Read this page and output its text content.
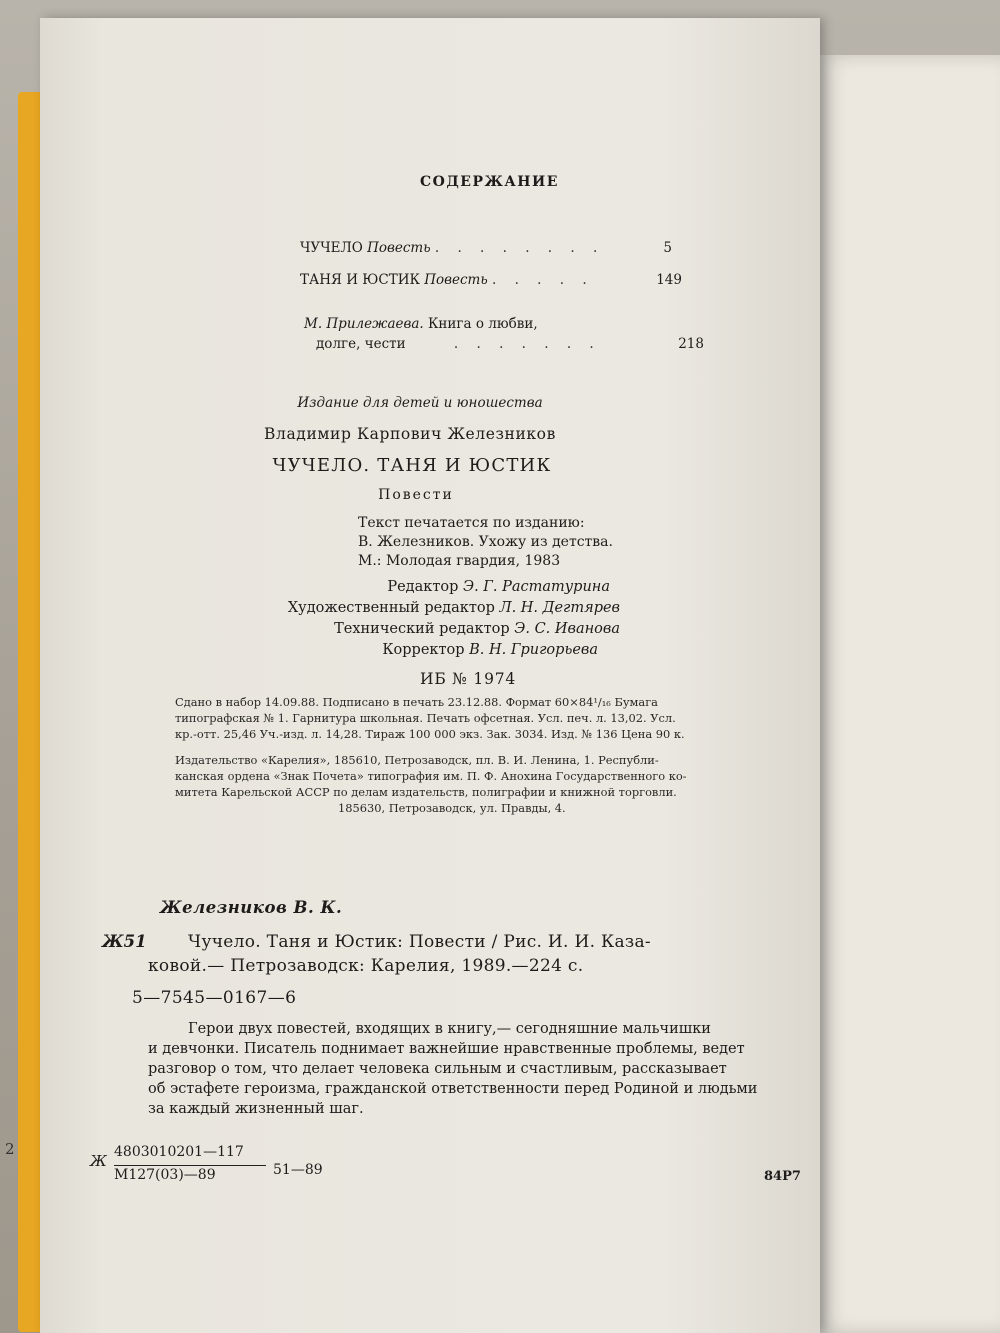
СОДЕРЖАНИЕ
ЧУЧЕЛО Повесть . . . . . . . .	5
ТАНЯ И ЮСТИК Повесть . . . . .	149
М. Прилежаева. Книга о любви,
долге, чести	. . . . . . .	218
Издание для детей и юношества
Владимир Карпович Железников
ЧУЧЕЛО. ТАНЯ И ЮСТИК
Повести
Текст печатается по изданию:
В. Железников. Ухожу из детства.
М.: Молодая гвардия, 1983
Редактор Э. Г. Растатурина
Художественный редактор Л. Н. Дегтярев
Технический редактор Э. С. Иванова
Корректор В. Н. Григорьева
ИБ № 1974
Сдано в набор 14.09.88. Подписано в печать 23.12.88. Формат 60×84¹/₁₆ Бумага
типографская № 1. Гарнитура школьная. Печать офсетная. Усл. печ. л. 13,02. Усл.
кр.-отт. 25,46 Уч.-изд. л. 14,28. Тираж 100 000 экз. Зак. 3034. Изд. № 136 Цена 90 к.
Издательство «Карелия», 185610, Петрозаводск, пл. В. И. Ленина, 1. Республи-
канская ордена «Знак Почета» типография им. П. Ф. Анохина Государственного ко-
митета Карельской АССР по делам издательств, полиграфии и книжной торговли.
185630, Петрозаводск, ул. Правды, 4.
Железников В. К.
Ж51 Чучело. Таня и Юстик: Повести / Рис. И. И. Каза-
ковой.— Петрозаводск: Карелия, 1989.—224 с.
5—7545—0167—6
Герои двух повестей, входящих в книгу,— сегодняшние мальчишки
и девчонки. Писатель поднимает важнейшие нравственные проблемы, ведет
разговор о том, что делает человека сильным и счастливым, рассказывает
об эстафете героизма, гражданской ответственности перед Родиной и людьми
за каждый жизненный шаг.
Ж 4803010201—117
М127(03)—89	51—89	84Р7
2
